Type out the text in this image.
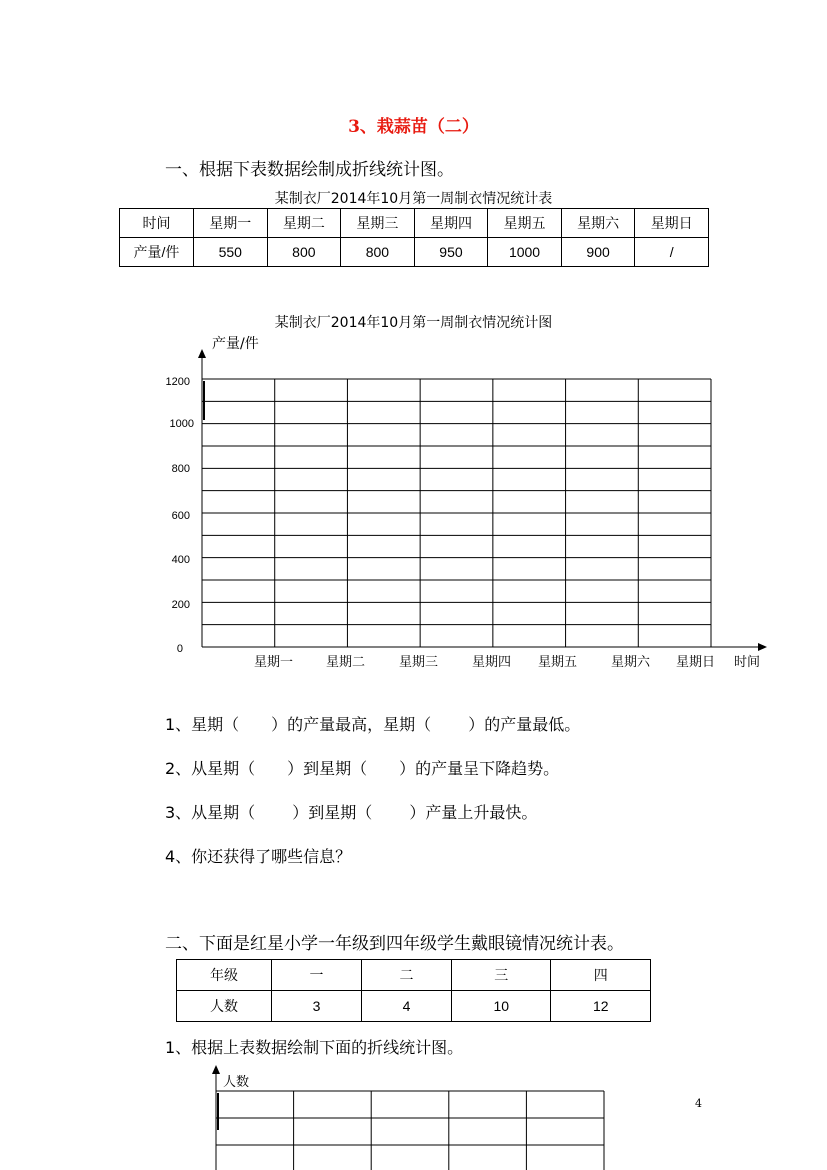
3、栽蒜苗（二）
一、根据下表数据绘制成折线统计图。
某制衣厂2014年10月第一周制衣情况统计表
时间	星期一	星期二	星期三	星期四	星期五	星期六	星期日
产量/件	550	800	800	950	1000	900	/
某制衣厂2014年10月第一周制衣情况统计图
产量/件
1200
1000
800
600
400
200
0
星期一	星期二	星期三	星期四 星期五	星期六 星期日 时间
1、星期（　　）的产量最高，星期（　　 ）的产量最低。
2、从星期（　　）到星期（　　）的产量呈下降趋势。
3、从星期（　　 ）到星期（　　 ）产量上升最快。
4、你还获得了哪些信息？
二、下面是红星小学一年级到四年级学生戴眼镜情况统计表。
年级	一	二	三	四
人数	3	4	10	12
1、根据上表数据绘制下面的折线统计图。
人数
4
